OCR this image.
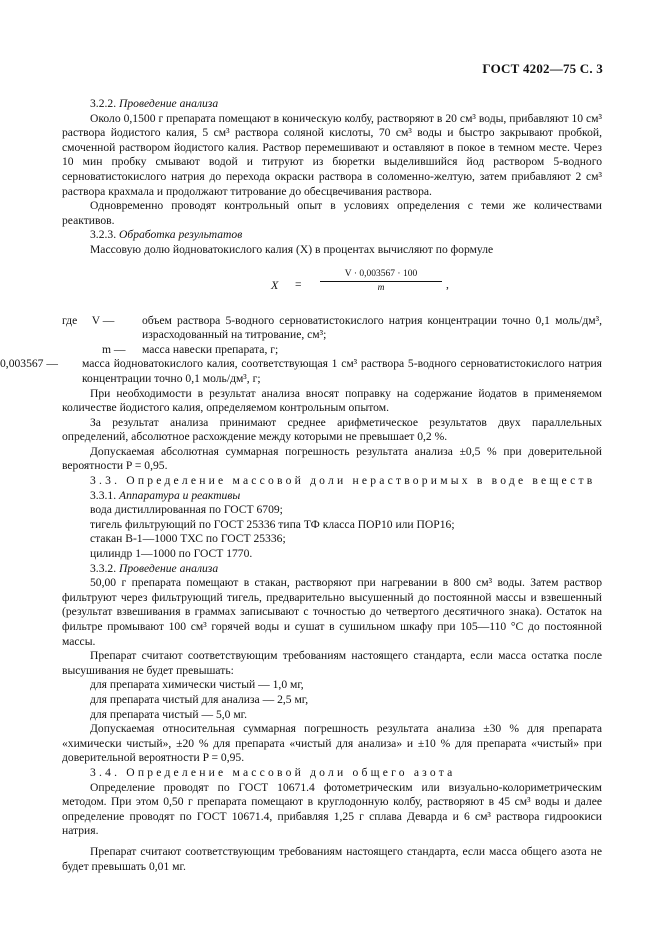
ГОСТ 4202—75 С. 3

3.2.2. Проведение анализа

Около 0,1500 г препарата помещают в коническую колбу, растворяют в 20 см³ воды, прибавляют 10 см³ раствора йодистого калия, 5 см³ раствора соляной кислоты, 70 см³ воды и быстро закрывают пробкой, смоченной раствором йодистого калия. Раствор перемешивают и оставляют в покое в темном месте. Через 10 мин пробку смывают водой и титруют из бюретки выделившийся йод раствором 5-водного серноватистокислого натрия до перехода окраски раствора в соломенно-желтую, затем прибавляют 2 см³ раствора крахмала и продолжают титрование до обесцвечивания раствора.

Одновременно проводят контрольный опыт в условиях определения с теми же количествами реактивов.

3.2.3. Обработка результатов

Массовую долю йодноватокислого калия (X) в процентах вычисляют по формуле

$X = \frac{V \cdot 0,003567 \cdot 100}{m}$ ,
где     V —	объем раствора 5-водного серноватистокислого натрия концентрации точно 0,1 моль/дм³, израсходованный на титрование, см³;
m —	масса навески препарата, г;
0,003567 —	масса йодноватокислого калия, соответствующая 1 см³ раствора 5-водного серноватистокислого натрия концентрации точно 0,1 моль/дм³, г;

При необходимости в результат анализа вносят поправку на содержание йодатов в применяемом количестве йодистого калия, определяемом контрольным опытом.

За результат анализа принимают среднее арифметическое результатов двух параллельных определений, абсолютное расхождение между которыми не превышает 0,2 %.

Допускаемая абсолютная суммарная погрешность результата анализа ±0,5 % при доверительной вероятности P = 0,95.

3.3. Определение массовой доли нерастворимых в воде веществ

3.3.1. Аппаратура и реактивы

вода дистиллированная по ГОСТ 6709;
тигель фильтрующий по ГОСТ 25336 типа ТФ класса ПОР10 или ПОР16;
стакан В-1—1000 ТХС по ГОСТ 25336;
цилиндр 1—1000 по ГОСТ 1770.

3.3.2. Проведение анализа

50,00 г препарата помещают в стакан, растворяют при нагревании в 800 см³ воды. Затем раствор фильтруют через фильтрующий тигель, предварительно высушенный до постоянной массы и взвешенный (результат взвешивания в граммах записывают с точностью до четвертого десятичного знака). Остаток на фильтре промывают 100 см³ горячей воды и сушат в сушильном шкафу при 105—110 °С до постоянной массы.

Препарат считают соответствующим требованиям настоящего стандарта, если масса остатка после высушивания не будет превышать:

для препарата химически чистый — 1,0 мг,
для препарата чистый для анализа — 2,5 мг,
для препарата чистый — 5,0 мг.

Допускаемая относительная суммарная погрешность результата анализа ±30 % для препарата «химически чистый», ±20 % для препарата «чистый для анализа» и ±10 % для препарата «чистый» при доверительной вероятности P = 0,95.

3.4. Определение массовой доли общего азота

Определение проводят по ГОСТ 10671.4 фотометрическим или визуально-колориметрическим методом. При этом 0,50 г препарата помещают в круглодонную колбу, растворяют в 45 см³ воды и далее определение проводят по ГОСТ 10671.4, прибавляя 1,25 г сплава Деварда и 6 см³ раствора гидроокиси натрия.

Препарат считают соответствующим требованиям настоящего стандарта, если масса общего азота не будет превышать 0,01 мг.
